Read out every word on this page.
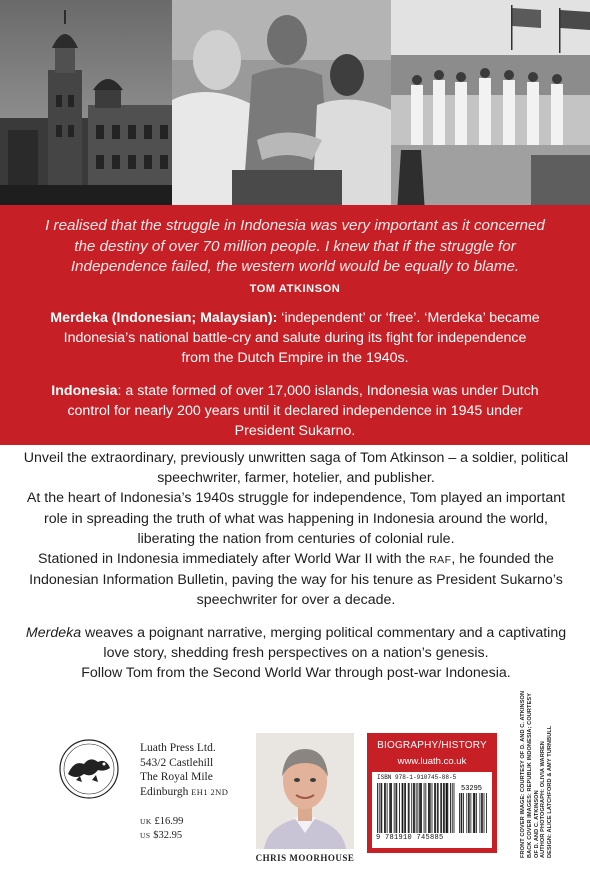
I realised that the struggle in Indonesia was very important as it concerned the destiny of over 70 million people. I knew that if the struggle for Independence failed, the western world would be equally to blame.
TOM ATKINSON
Merdeka (Indonesian; Malaysian): ‘independent’ or ‘free’. ‘Merdeka’ became Indonesia’s national battle-cry and salute during its fight for independence from the Dutch Empire in the 1940s.
Indonesia: a state formed of over 17,000 islands, Indonesia was under Dutch control for nearly 200 years until it declared independence in 1945 under President Sukarno.

Unveil the extraordinary, previously unwritten saga of Tom Atkinson – a soldier, political speechwriter, farmer, hotelier, and publisher.

At the heart of Indonesia’s 1940s struggle for independence, Tom played an important role in spreading the truth of what was happening in Indonesia around the world, liberating the nation from centuries of colonial rule.

Stationed in Indonesia immediately after World War II with the RAF, he founded the Indonesian Information Bulletin, paving the way for his tenure as President Sukarno’s speechwriter for over a decade.

Merdeka weaves a poignant narrative, merging political commentary and a captivating love story, shedding fresh perspectives on a nation’s genesis.

Follow Tom from the Second World War through post-war Indonesia.

Luath Press Ltd.
543/2 Castlehill
The Royal Mile
Edinburgh EH1 2ND
UK £16.99
US $32.95
CHRIS MOORHOUSE
BIOGRAPHY/HISTORY
www.luath.co.uk
ISBN 978-1-910745-88-5
53295
9 781910 745885	FRONT COVER IMAGE: COURTESY OF D. AND C. ATKINSON BACK COVER IMAGES: REPUBLIK INDONESIA; COURTESY OF D. AND C. ATKINSON AUTHOR PHOTOGRAPH: OLIVIA WARREN DESIGN: ALICE LATCHFORD & AMY TURNBULL
